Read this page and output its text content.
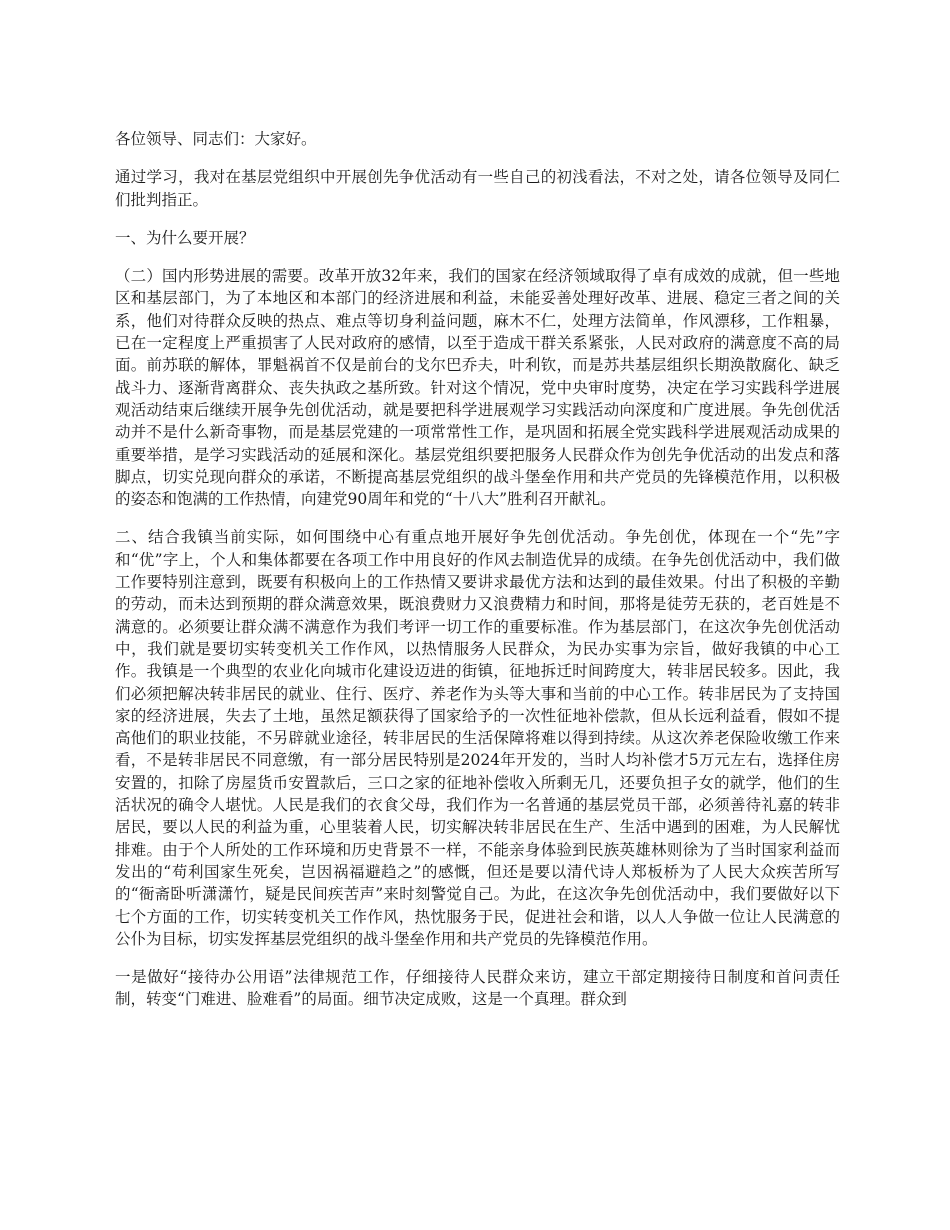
各位领导、同志们：大家好。

通过学习，我对在基层党组织中开展创先争优活动有一些自己的初浅看法，不对之处，请各位领导及同仁们批判指正。

一、为什么要开展？

（二）国内形势进展的需要。改革开放32年来，我们的国家在经济领域取得了卓有成效的成就，但一些地区和基层部门，为了本地区和本部门的经济进展和利益，未能妥善处理好改革、进展、稳定三者之间的关系，他们对待群众反映的热点、难点等切身利益问题，麻木不仁，处理方法简单，作风漂移，工作粗暴，已在一定程度上严重损害了人民对政府的感情，以至于造成干群关系紧张，人民对政府的满意度不高的局面。前苏联的解体，罪魁祸首不仅是前台的戈尔巴乔夫，叶利钦，而是苏共基层组织长期涣散腐化、缺乏战斗力、逐渐背离群众、丧失执政之基所致。针对这个情况，党中央审时度势，决定在学习实践科学进展观活动结束后继续开展争先创优活动，就是要把科学进展观学习实践活动向深度和广度进展。争先创优活动并不是什么新奇事物，而是基层党建的一项常常性工作，是巩固和拓展全党实践科学进展观活动成果的重要举措，是学习实践活动的延展和深化。基层党组织要把服务人民群众作为创先争优活动的出发点和落脚点，切实兑现向群众的承诺，不断提高基层党组织的战斗堡垒作用和共产党员的先锋模范作用，以积极的姿态和饱满的工作热情，向建党90周年和党的“十八大”胜利召开献礼。

二、结合我镇当前实际，如何围绕中心有重点地开展好争先创优活动。争先创优，体现在一个“先”字和“优”字上，个人和集体都要在各项工作中用良好的作风去制造优异的成绩。在争先创优活动中，我们做工作要特别注意到，既要有积极向上的工作热情又要讲求最优方法和达到的最佳效果。付出了积极的辛勤的劳动，而未达到预期的群众满意效果，既浪费财力又浪费精力和时间，那将是徒劳无获的，老百姓是不满意的。必须要让群众满不满意作为我们考评一切工作的重要标准。作为基层部门，在这次争先创优活动中，我们就是要切实转变机关工作作风，以热情服务人民群众，为民办实事为宗旨，做好我镇的中心工作。我镇是一个典型的农业化向城市化建设迈进的街镇，征地拆迁时间跨度大，转非居民较多。因此，我们必须把解决转非居民的就业、住行、医疗、养老作为头等大事和当前的中心工作。转非居民为了支持国家的经济进展，失去了土地，虽然足额获得了国家给予的一次性征地补偿款，但从长远利益看，假如不提高他们的职业技能，不另辟就业途径，转非居民的生活保障将难以得到持续。从这次养老保险收缴工作来看，不是转非居民不同意缴，有一部分居民特别是2024年开发的，当时人均补偿才5万元左右，选择住房安置的，扣除了房屋货币安置款后，三口之家的征地补偿收入所剩无几，还要负担子女的就学，他们的生活状况的确令人堪忧。人民是我们的衣食父母，我们作为一名普通的基层党员干部，必须善待礼嘉的转非居民，要以人民的利益为重，心里装着人民，切实解决转非居民在生产、生活中遇到的困难，为人民解忧排难。由于个人所处的工作环境和历史背景不一样，不能亲身体验到民族英雄林则徐为了当时国家利益而发出的“苟利国家生死矣，岂因祸福避趋之”的感慨，但还是要以清代诗人郑板桥为了人民大众疾苦所写的“衙斋卧听潇潇竹，疑是民间疾苦声”来时刻警觉自己。为此，在这次争先创优活动中，我们要做好以下七个方面的工作，切实转变机关工作作风，热忱服务于民，促进社会和谐，以人人争做一位让人民满意的公仆为目标，切实发挥基层党组织的战斗堡垒作用和共产党员的先锋模范作用。

一是做好“接待办公用语”法律规范工作，仔细接待人民群众来访，建立干部定期接待日制度和首问责任制，转变“门难进、脸难看”的局面。细节决定成败，这是一个真理。群众到
